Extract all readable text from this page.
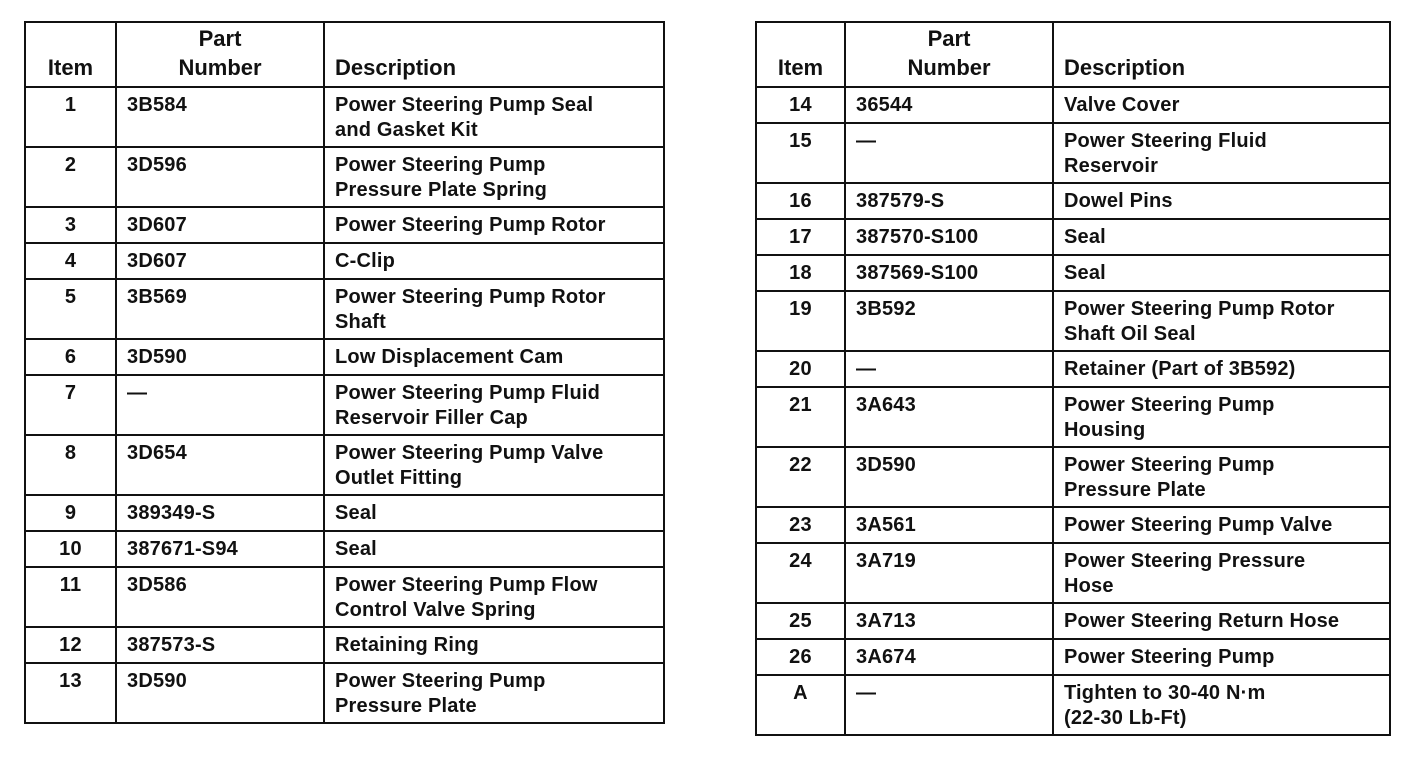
Item	Part
Number	Description
1	3B584	Power Steering Pump Seal
and Gasket Kit
2	3D596	Power Steering Pump
Pressure Plate Spring
3	3D607	Power Steering Pump Rotor
4	3D607	C-Clip
5	3B569	Power Steering Pump Rotor
Shaft
6	3D590	Low Displacement Cam
7	—	Power Steering Pump Fluid
Reservoir Filler Cap
8	3D654	Power Steering Pump Valve
Outlet Fitting
9	389349-S	Seal
10	387671-S94	Seal
11	3D586	Power Steering Pump Flow
Control Valve Spring
12	387573-S	Retaining Ring
13	3D590	Power Steering Pump
Pressure Plate
Item	Part
Number	Description
14	36544	Valve Cover
15	—	Power Steering Fluid
Reservoir
16	387579-S	Dowel Pins
17	387570-S100	Seal
18	387569-S100	Seal
19	3B592	Power Steering Pump Rotor
Shaft Oil Seal
20	—	Retainer (Part of 3B592)
21	3A643	Power Steering Pump
Housing
22	3D590	Power Steering Pump
Pressure Plate
23	3A561	Power Steering Pump Valve
24	3A719	Power Steering Pressure
Hose
25	3A713	Power Steering Return Hose
26	3A674	Power Steering Pump
A	—	Tighten to 30-40 N·m
(22-30 Lb-Ft)
